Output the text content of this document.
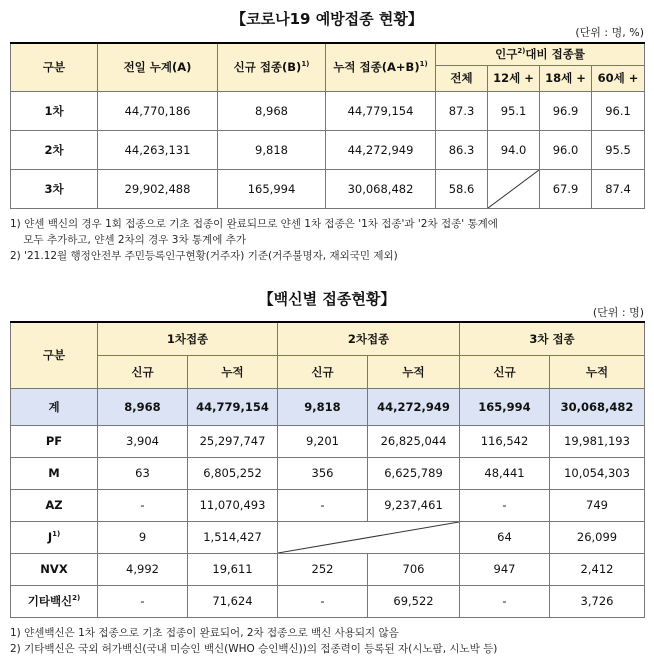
【코로나19 예방접종 현황】
(단위 : 명, %)
구분	전일 누계(A)	신규 접종$(B)^{1)}$	누적 접종$(A+B)^{1)}$	인구$^{2)}$대비 접종률			
				전체	12세 +	18세 +	60세 +
1차	44,770,186	8,968	44,779,154	87.3	95.1	96.9	96.1
2차	44,263,131	9,818	44,272,949	86.3	94.0	96.0	95.5
3차	29,902,488	165,994	30,068,482	58.6		67.9	87.4
1) 얀센 백신의 경우 1회 접종으로 기초 접종이 완료되므로 얀센 1차 접종은 '1차 접종'과 '2차 접종' 통계에
모두 추가하고, 얀센 2차의 경우 3차 통계에 추가
2) '21.12월 행정안전부 주민등록인구현황(거주자) 기준(거주불명자, 재외국민 제외)
【백신별 접종현황】
(단위 : 명)
구분	1차접종		2차접종		3차 접종	
	신규	누적	신규	누적	신규	누적
계	8,968	44,779,154	9,818	44,272,949	165,994	30,068,482
PF	3,904	25,297,747	9,201	26,825,044	116,542	19,981,193
M	63	6,805,252	356	6,625,789	48,441	10,054,303
AZ	-	11,070,493	-	9,237,461	-	749
$J^{1)}$	9	1,514,427			64	26,099
NVX	4,992	19,611	252	706	947	2,412
기타백신$^{2)}$	-	71,624	-	69,522	-	3,726
1) 얀센백신은 1차 접종으로 기초 접종이 완료되어, 2차 접종으로 백신 사용되지 않음
2) 기타백신은 국외 허가백신(국내 미승인 백신(WHO 승인백신))의 접종력이 등록된 자(시노팜, 시노박 등)
